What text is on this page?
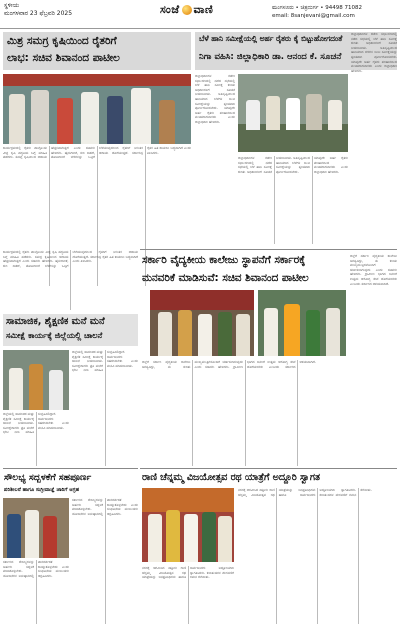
ಸ್ಥಳೀಯ
ಮಂಗಳವಾರ 23 ಫೆಬ್ರವರಿ 2025	ಸಂಜೆ ವಾಣಿ	ಮಂಗಳೂರು • ಚಿತ್ರದುರ್ಗ • 94498 71082
email: 8sanjevani@gmail.com
ಮಿಶ್ರ ಸಮಗ್ರ ಕೃಷಿಯಿಂದ ರೈತರಿಗೆ
ಲಾಭ: ಸಚಿವ ಶಿವಾನಂದ ಪಾಟೀಲ
ಕಾರ್ಯಕ್ರಮದಲ್ಲಿ ರೈತರು ಪಾಲ್ಗೊಂಡು ಮಿಶ್ರ ಕೃಷಿ ಪದ್ಧತಿಯ ಬಗ್ಗೆ ಮಾಹಿತಿ ಪಡೆದರು. ಸಮಗ್ರ ಕೃಷಿಯಿಂದ ಆದಾಯ ಹೆಚ್ಚಳವಾಗುತ್ತದೆ ಎಂದು ಸಚಿವರು ಹೇಳಿದರು. ಹೈನುಗಾರಿಕೆ, ಕುರಿ ಸಾಕಣೆ, ತೋಟಗಾರಿಕೆ ಬೆಳೆಗಳನ್ನು ಒಟ್ಟಿಗೆ ಬೆಳೆಯುವುದರಿಂದ ರೈತರಿಗೆ ನಿರಂತರ ಆದಾಯ ದೊರೆಯುತ್ತದೆ. ಸರ್ಕಾರವು ರೈತರ ಹಿತ ಕಾಯಲು ಬದ್ಧವಾಗಿದೆ ಎಂದು ತಿಳಿಸಿದರು.
ಬೆಳೆ ಹಾನಿ ಸಮೀಕ್ಷೆಯಲ್ಲಿ ಅರ್ಹ ರೈತರು ಕೈ ಬಿಟ್ಟುಹೋಗದಂತೆ
ನಿಗಾ ವಹಿಸಿ: ಜಿಲ್ಲಾಧಿಕಾರಿ ಡಾ. ಆನಂದ ಕೆ. ಸೂಚನೆ
ಜಿಲ್ಲಾಧಿಕಾರಿಗಳ ಕಚೇರಿ ಸಭಾಂಗಣದಲ್ಲಿ ನಡೆದ ಸಭೆಯಲ್ಲಿ ಬೆಳೆ ಹಾನಿ ಸಮೀಕ್ಷೆ ಕುರಿತು ಅಧಿಕಾರಿಗಳಿಗೆ ಸೂಚನೆ ನೀಡಲಾಯಿತು. ಅತಿವೃಷ್ಟಿಯಿಂದ ಹಾನಿಯಾದ ಬೆಳೆಗಳ ಜಂಟಿ ಸಮೀಕ್ಷೆಯನ್ನು ತ್ವರಿತವಾಗಿ ಪೂರ್ಣಗೊಳಿಸಬೇಕು. ಯಾವುದೇ ಅರ್ಹ ರೈತರು ಪರಿಹಾರದಿಂದ ವಂಚಿತರಾಗಬಾರದು ಎಂದು ಜಿಲ್ಲಾಧಿಕಾರಿ ಹೇಳಿದರು.
ಜಿಲ್ಲಾಧಿಕಾರಿಗಳ ಕಚೇರಿ ಸಭಾಂಗಣದಲ್ಲಿ ನಡೆದ ಸಭೆಯಲ್ಲಿ ಬೆಳೆ ಹಾನಿ ಸಮೀಕ್ಷೆ ಕುರಿತು ಅಧಿಕಾರಿಗಳಿಗೆ ಸೂಚನೆ ನೀಡಲಾಯಿತು. ಅತಿವೃಷ್ಟಿಯಿಂದ ಹಾನಿಯಾದ ಬೆಳೆಗಳ ಜಂಟಿ ಸಮೀಕ್ಷೆಯನ್ನು ತ್ವರಿತವಾಗಿ ಪೂರ್ಣಗೊಳಿಸಬೇಕು. ಯಾವುದೇ ಅರ್ಹ ರೈತರು ಪರಿಹಾರದಿಂದ ವಂಚಿತರಾಗಬಾರದು ಎಂದು ಜಿಲ್ಲಾಧಿಕಾರಿ ಹೇಳಿದರು.
ಜಿಲ್ಲಾಧಿಕಾರಿಗಳ ಕಚೇರಿ ಸಭಾಂಗಣದಲ್ಲಿ ನಡೆದ ಸಭೆಯಲ್ಲಿ ಬೆಳೆ ಹಾನಿ ಸಮೀಕ್ಷೆ ಕುರಿತು ಅಧಿಕಾರಿಗಳಿಗೆ ಸೂಚನೆ ನೀಡಲಾಯಿತು. ಅತಿವೃಷ್ಟಿಯಿಂದ ಹಾನಿಯಾದ ಬೆಳೆಗಳ ಜಂಟಿ ಸಮೀಕ್ಷೆಯನ್ನು ತ್ವರಿತವಾಗಿ ಪೂರ್ಣಗೊಳಿಸಬೇಕು. ಯಾವುದೇ ಅರ್ಹ ರೈತರು ಪರಿಹಾರದಿಂದ ವಂಚಿತರಾಗಬಾರದು ಎಂದು ಜಿಲ್ಲಾಧಿಕಾರಿ ಹೇಳಿದರು.
ಸರ್ಕಾರಿ ವೈದ್ಯಕೀಯ ಕಾಲೇಜು ಸ್ಥಾಪನೆಗೆ ಸರ್ಕಾರಕ್ಕೆ
ಮನವರಿಕೆ ಮಾಡಿಸುವೆ: ಸಚಿವ ಶಿವಾನಂದ ಪಾಟೀಲ
ಜಿಲ್ಲೆಗೆ ಸರ್ಕಾರಿ ವೈದ್ಯಕೀಯ ಕಾಲೇಜು ಅಗತ್ಯವಿದ್ದು, ಈ ಕುರಿತು ಮುಖ್ಯಮಂತ್ರಿಗಳೊಂದಿಗೆ ಚರ್ಚಿಸಲಾಗುವುದು ಎಂದು ಸಚಿವರು ಹೇಳಿದರು. ಗ್ರಾಮೀಣ ಭಾಗದ ಜನರಿಗೆ ಉತ್ತಮ ಆರೋಗ್ಯ ಸೇವೆ ದೊರೆಯಬೇಕು ಎಂಬುದು ಸರ್ಕಾರದ ಆಶಯವಾಗಿದೆ.
ಜಿಲ್ಲೆಗೆ ಸರ್ಕಾರಿ ವೈದ್ಯಕೀಯ ಕಾಲೇಜು ಅಗತ್ಯವಿದ್ದು, ಈ ಕುರಿತು ಮುಖ್ಯಮಂತ್ರಿಗಳೊಂದಿಗೆ ಚರ್ಚಿಸಲಾಗುವುದು ಎಂದು ಸಚಿವರು ಹೇಳಿದರು. ಗ್ರಾಮೀಣ ಭಾಗದ ಜನರಿಗೆ ಉತ್ತಮ ಆರೋಗ್ಯ ಸೇವೆ ದೊರೆಯಬೇಕು ಎಂಬುದು ಸರ್ಕಾರದ ಆಶಯವಾಗಿದೆ.
ಕಾರ್ಯಕ್ರಮದಲ್ಲಿ ರೈತರು ಪಾಲ್ಗೊಂಡು ಮಿಶ್ರ ಕೃಷಿ ಪದ್ಧತಿಯ ಬಗ್ಗೆ ಮಾಹಿತಿ ಪಡೆದರು. ಸಮಗ್ರ ಕೃಷಿಯಿಂದ ಆದಾಯ ಹೆಚ್ಚಳವಾಗುತ್ತದೆ ಎಂದು ಸಚಿವರು ಹೇಳಿದರು. ಹೈನುಗಾರಿಕೆ, ಕುರಿ ಸಾಕಣೆ, ತೋಟಗಾರಿಕೆ ಬೆಳೆಗಳನ್ನು ಒಟ್ಟಿಗೆ ಬೆಳೆಯುವುದರಿಂದ ರೈತರಿಗೆ ನಿರಂತರ ಆದಾಯ ದೊರೆಯುತ್ತದೆ. ಸರ್ಕಾರವು ರೈತರ ಹಿತ ಕಾಯಲು ಬದ್ಧವಾಗಿದೆ ಎಂದು ತಿಳಿಸಿದರು.
ಸಾಮಾಜಿಕ, ಶೈಕ್ಷಣಿಕ ಮನೆ ಮನೆ
ಸಮೀಕ್ಷೆ ಕಾರ್ಯಕ್ಕೆ ಜಿಲ್ಲೆಯಲ್ಲಿ ಚಾಲನೆ
ಜಿಲ್ಲೆಯಲ್ಲಿ ಸಾಮಾಜಿಕ ಮತ್ತು ಶೈಕ್ಷಣಿಕ ಸಮೀಕ್ಷೆ ಕಾರ್ಯಕ್ಕೆ ಚಾಲನೆ ನೀಡಲಾಯಿತು. ಸಮೀಕ್ಷೆದಾರರು ಪ್ರತಿ ಮನೆಗೆ ಭೇಟಿ ನೀಡಿ ಮಾಹಿತಿ ಸಂಗ್ರಹಿಸಲಿದ್ದಾರೆ. ಸಾರ್ವಜನಿಕರು ಸಹಕರಿಸಬೇಕು ಎಂದು ಮನವಿ ಮಾಡಲಾಯಿತು.
ಜಿಲ್ಲೆಯಲ್ಲಿ ಸಾಮಾಜಿಕ ಮತ್ತು ಶೈಕ್ಷಣಿಕ ಸಮೀಕ್ಷೆ ಕಾರ್ಯಕ್ಕೆ ಚಾಲನೆ ನೀಡಲಾಯಿತು. ಸಮೀಕ್ಷೆದಾರರು ಪ್ರತಿ ಮನೆಗೆ ಭೇಟಿ ನೀಡಿ ಮಾಹಿತಿ ಸಂಗ್ರಹಿಸಲಿದ್ದಾರೆ. ಸಾರ್ವಜನಿಕರು ಸಹಕರಿಸಬೇಕು ಎಂದು ಮನವಿ ಮಾಡಲಾಯಿತು.
ಸೌಲಭ್ಯ ಸದ್ಬಳಕೆಗೆ ಸಹಪೂರ್ಣ
ಪರಿಶೀಲನೆ ಹಾಗೂ ಸುಗ್ರೀವಾಜ್ಞೆ ಜಾರಿಗೆ ಆಗ್ರಹ
ಸರ್ಕಾರದ ಸೌಲಭ್ಯಗಳನ್ನು ಅರ್ಹರು ಸದ್ಬಳಕೆ ಮಾಡಿಕೊಳ್ಳಬೇಕು. ಯೋಜನೆಗಳ ಅನುಷ್ಠಾನದಲ್ಲಿ ಪಾರದರ್ಶಕತೆ ಕಾಯ್ದುಕೊಳ್ಳಬೇಕು ಎಂದು ಸಂಘಟನೆಯ ಮುಖಂಡರು ಆಗ್ರಹಿಸಿದರು.
ಸರ್ಕಾರದ ಸೌಲಭ್ಯಗಳನ್ನು ಅರ್ಹರು ಸದ್ಬಳಕೆ ಮಾಡಿಕೊಳ್ಳಬೇಕು. ಯೋಜನೆಗಳ ಅನುಷ್ಠಾನದಲ್ಲಿ ಪಾರದರ್ಶಕತೆ ಕಾಯ್ದುಕೊಳ್ಳಬೇಕು ಎಂದು ಸಂಘಟನೆಯ ಮುಖಂಡರು ಆಗ್ರಹಿಸಿದರು.
ರಾಣಿ ಚೆನ್ನಮ್ಮ ವಿಜಯೋತ್ಸವ ರಥ ಯಾತ್ರೆಗೆ ಅದ್ದೂರಿ ಸ್ವಾಗತ
ನಗರಕ್ಕೆ ಆಗಮಿಸಿದ ಕಿತ್ತೂರು ರಾಣಿ ಚೆನ್ನಮ್ಮ ವಿಜಯೋತ್ಸವ ರಥ ಯಾತ್ರೆಯನ್ನು ಜನಪ್ರತಿನಿಧಿಗಳು ಹಾಗೂ ಸಾರ್ವಜನಿಕರು ಅದ್ದೂರಿಯಾಗಿ ಸ್ವಾಗತಿಸಿದರು. ಕಲಾತಂಡಗಳ ಮೆರವಣಿಗೆ ಗಮನ ಸೆಳೆಯಿತು.
ನಗರಕ್ಕೆ ಆಗಮಿಸಿದ ಕಿತ್ತೂರು ರಾಣಿ ಚೆನ್ನಮ್ಮ ವಿಜಯೋತ್ಸವ ರಥ ಯಾತ್ರೆಯನ್ನು ಜನಪ್ರತಿನಿಧಿಗಳು ಹಾಗೂ ಸಾರ್ವಜನಿಕರು ಅದ್ದೂರಿಯಾಗಿ ಸ್ವಾಗತಿಸಿದರು. ಕಲಾತಂಡಗಳ ಮೆರವಣಿಗೆ ಗಮನ ಸೆಳೆಯಿತು.
